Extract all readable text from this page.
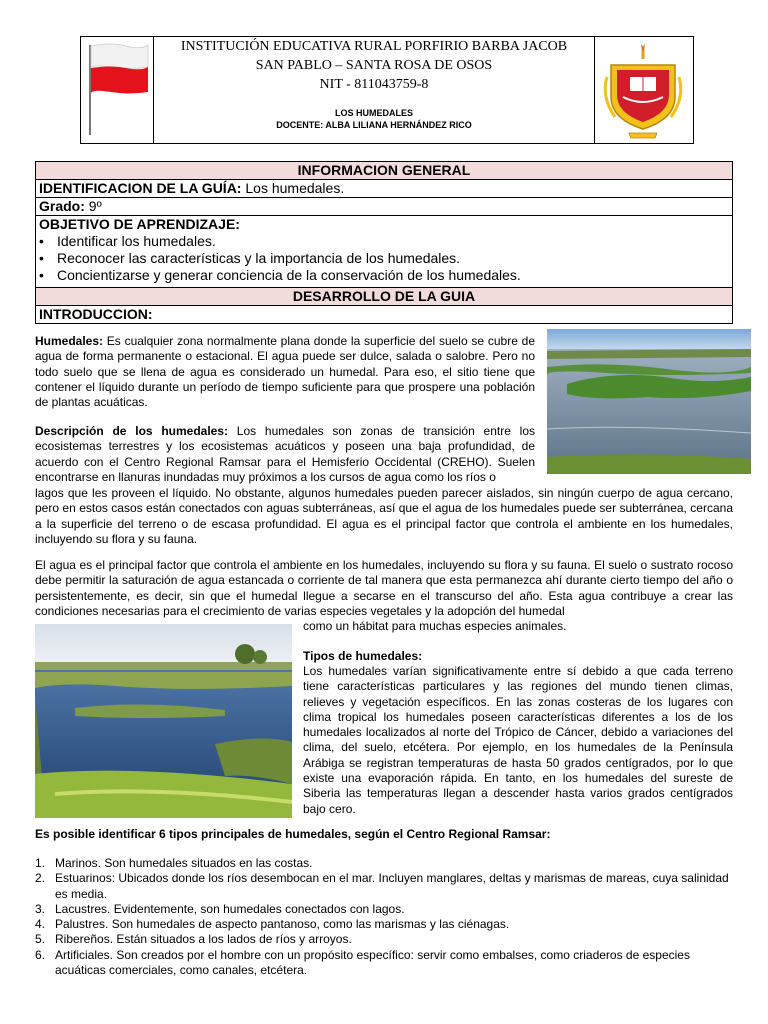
INSTITUCIÓN EDUCATIVA RURAL PORFIRIO BARBA JACOB
SAN PABLO – SANTA ROSA DE OSOS
NIT - 811043759-8
LOS HUMEDALES
DOCENTE: ALBA LILIANA HERNÁNDEZ RICO
INFORMACION GENERAL
IDENTIFICACION DE LA GUÍA: Los humedales.
Grado: 9º
OBJETIVO DE APRENDIZAJE:
• Identificar los humedales.
• Reconocer las características y la importancia de los humedales.
• Concientizarse y generar conciencia de la conservación de los humedales.
DESARROLLO DE LA GUIA
INTRODUCCION:
Humedales: Es cualquier zona normalmente plana donde la superficie del suelo se cubre de agua de forma permanente o estacional. El agua puede ser dulce, salada o salobre. Pero no todo suelo que se llena de agua es considerado un humedal. Para eso, el sitio tiene que contener el líquido durante un período de tiempo suficiente para que prospere una población de plantas acuáticas.
Descripción de los humedales: Los humedales son zonas de transición entre los ecosistemas terrestres y los ecosistemas acuáticos y poseen una baja profundidad, de acuerdo con el Centro Regional Ramsar para el Hemisferio Occidental (CREHO). Suelen encontrarse en llanuras inundadas muy próximos a los cursos de agua como los ríos o
lagos que les proveen el líquido. No obstante, algunos humedales pueden parecer aislados, sin ningún cuerpo de agua cercano, pero en estos casos están conectados con aguas subterráneas, así que el agua de los humedales puede ser subterránea, cercana a la superficie del terreno o de escasa profundidad. El agua es el principal factor que controla el ambiente en los humedales, incluyendo su flora y su fauna.
El agua es el principal factor que controla el ambiente en los humedales, incluyendo su flora y su fauna. El suelo o sustrato rocoso debe permitir la saturación de agua estancada o corriente de tal manera que esta permanezca ahí durante cierto tiempo del año o persistentemente, es decir, sin que el humedal llegue a secarse en el transcurso del año. Esta agua contribuye a crear las condiciones necesarias para el crecimiento de varias especies vegetales y la adopción del humedal
como un hábitat para muchas especies animales.
Tipos de humedales:
Los humedales varían significativamente entre sí debido a que cada terreno tiene características particulares y las regiones del mundo tienen climas, relieves y vegetación específicos. En las zonas costeras de los lugares con clima tropical los humedales poseen características diferentes a los de los humedales localizados al norte del Trópico de Cáncer, debido a variaciones del clima, del suelo, etcétera. Por ejemplo, en los humedales de la Península Arábiga se registran temperaturas de hasta 50 grados centígrados, por lo que existe una evaporación rápida. En tanto, en los humedales del sureste de Siberia las temperaturas llegan a descender hasta varios grados centígrados bajo cero.
Es posible identificar 6 tipos principales de humedales, según el Centro Regional Ramsar:
1. Marinos. Son humedales situados en las costas.
2. Estuarinos: Ubicados donde los ríos desembocan en el mar. Incluyen manglares, deltas y marismas de mareas, cuya salinidad es media.
3. Lacustres. Evidentemente, son humedales conectados con lagos.
4. Palustres. Son humedales de aspecto pantanoso, como las marismas y las ciénagas.
5. Ribereños. Están situados a los lados de ríos y arroyos.
6. Artificiales. Son creados por el hombre con un propósito específico: servir como embalses, como criaderos de especies acuáticas comerciales, como canales, etcétera.
